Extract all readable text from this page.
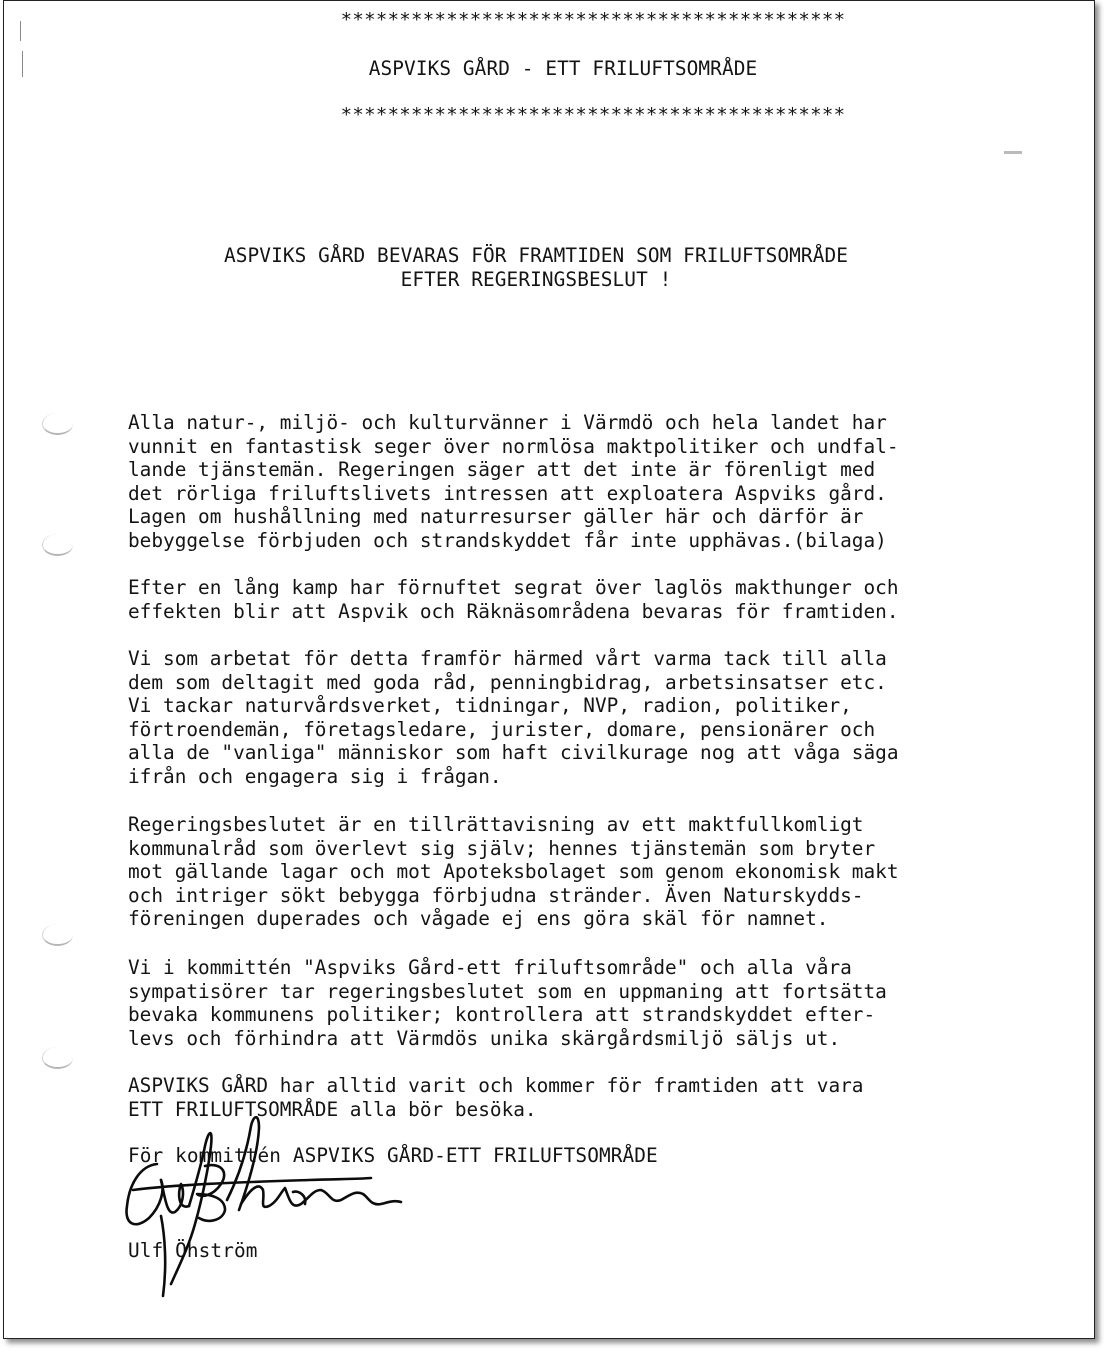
*******************************************
ASPVIKS GÅRD - ETT FRILUFTSOMRÅDE
*******************************************
ASPVIKS GÅRD BEVARAS FÖR FRAMTIDEN SOM FRILUFTSOMRÅDE
EFTER REGERINGSBESLUT !
Alla natur-, miljö- och kulturvänner i Värmdö och hela landet har
vunnit en fantastisk seger över normlösa maktpolitiker och undfal-
lande tjänstemän. Regeringen säger att det inte är förenligt med
det rörliga friluftslivets intressen att exploatera Aspviks gård.
Lagen om hushållning med naturresurser gäller här och därför är
bebyggelse förbjuden och strandskyddet får inte upphävas.(bilaga)
Efter en lång kamp har förnuftet segrat över laglös makthunger och
effekten blir att Aspvik och Räknäsområdena bevaras för framtiden.
Vi som arbetat för detta framför härmed vårt varma tack till alla
dem som deltagit med goda råd, penningbidrag, arbetsinsatser etc.
Vi tackar naturvårdsverket, tidningar, NVP, radion, politiker,
förtroendemän, företagsledare, jurister, domare, pensionärer och
alla de "vanliga" människor som haft civilkurage nog att våga säga
ifrån och engagera sig i frågan.
Regeringsbeslutet är en tillrättavisning av ett maktfullkomligt
kommunalråd som överlevt sig själv; hennes tjänstemän som bryter
mot gällande lagar och mot Apoteksbolaget som genom ekonomisk makt
och intriger sökt bebygga förbjudna stränder. Även Naturskydds-
föreningen duperades och vågade ej ens göra skäl för namnet.
Vi i kommittén "Aspviks Gård-ett friluftsområde" och alla våra
sympatisörer tar regeringsbeslutet som en uppmaning att fortsätta
bevaka kommunens politiker; kontrollera att strandskyddet efter-
levs och förhindra att Värmdös unika skärgårdsmiljö säljs ut.
ASPVIKS GÅRD har alltid varit och kommer för framtiden att vara
ETT FRILUFTSOMRÅDE alla bör besöka.
För kommittén ASPVIKS GÅRD-ETT FRILUFTSOMRÅDE
Ulf Öhström
